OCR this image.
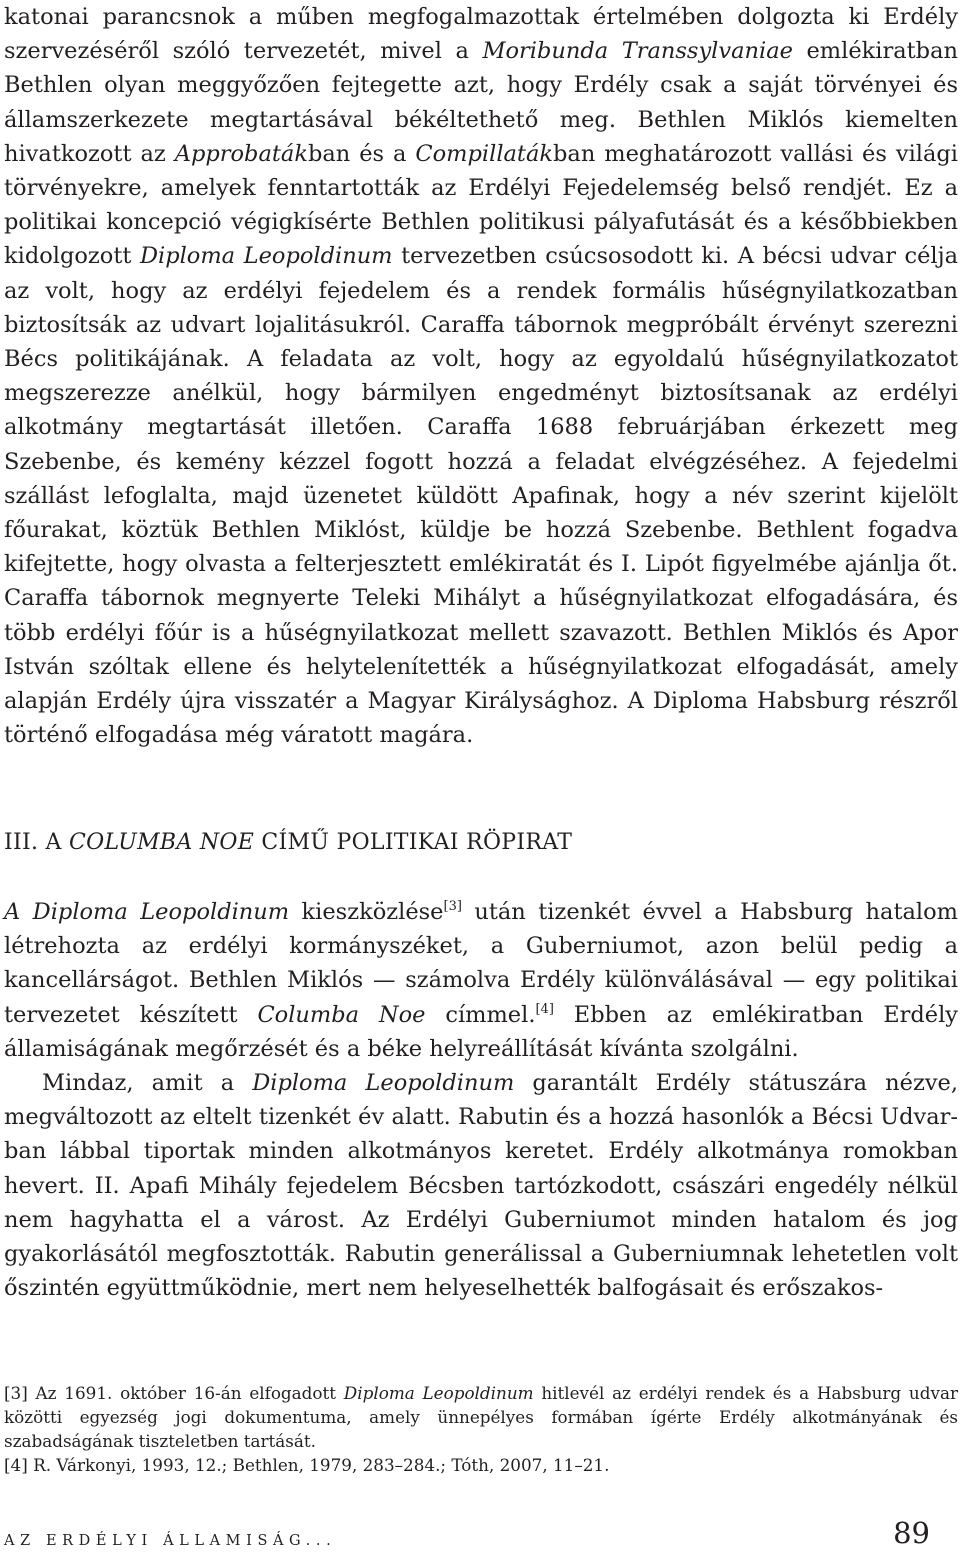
katonai parancsnok a műben megfogalmazottak értelmében dolgozta ki Erdély szervezéséről szóló tervezetét, mivel a Moribunda Transsylvaniae emlékiratban Bethlen olyan meggyőzően fejtegette azt, hogy Erdély csak a saját törvényei és államszerkezete megtartásával békéltethető meg. Bethlen Miklós kiemelten hivatkozott az Approbatákban és a Compillatákban meghatározott vallási és világi törvényekre, amelyek fenntartották az Erdélyi Fejedelemség belső rendjét. Ez a politikai koncepció végigkísérte Bethlen politikusi pályafutását és a későbbiekben kidolgozott Diploma Leopoldinum tervezetben csúcsosodott ki. A bécsi udvar célja az volt, hogy az erdélyi fejedelem és a rendek formális hűségnyilatkozatban biztosítsák az udvart lojalitásukról. Caraffa tábornok megpróbált érvényt szerezni Bécs politikájának. A feladata az volt, hogy az egyoldalú hűségnyilatkozatot megszerezze anélkül, hogy bármilyen engedményt biztosítsanak az erdélyi alkotmány megtartását illetően. Caraffa 1688 februárjában érkezett meg Szebenbe, és kemény kézzel fogott hozzá a feladat elvégzéséhez. A fejedelmi szállást lefoglalta, majd üzenetet küldött Apafinak, hogy a név szerint kijelölt főurakat, köztük Bethlen Miklóst, küldje be hozzá Szebenbe. Bethlent fogadva kifejtette, hogy olvasta a felterjesztett emlékiratát és I. Lipót figyelmébe ajánlja őt. Caraffa tábornok megnyerte Teleki Mihályt a hűségnyilatkozat elfogadására, és több erdélyi főúr is a hűségnyilatkozat mellett szavazott. Bethlen Miklós és Apor István szóltak ellene és helytelenítették a hűségnyilatkozat elfogadását, amely alapján Erdély újra visszatér a Magyar Királysághoz. A Diploma Habsburg részről történő elfogadása még váratott magára.

III. A COLUMBA NOE CÍMŰ POLITIKAI RÖPIRAT

A Diploma Leopoldinum kieszközlése[3] után tizenkét évvel a Habsburg hatalom létrehozta az erdélyi kormányszéket, a Guberniumot, azon belül pedig a kancellárságot. Bethlen Miklós — számolva Erdély különválásával — egy politikai tervezetet készített Columba Noe címmel.[4] Ebben az emlékiratban Erdély államiságának megőrzését és a béke helyreállítását kívánta szolgálni.

Mindaz, amit a Diploma Leopoldinum garantált Erdély státuszára nézve, megváltozott az eltelt tizenkét év alatt. Rabutin és a hozzá hasonlók a Bécsi Udvarban lábbal tiportak minden alkotmányos keretet. Erdély alkotmánya romokban hevert. II. Apafi Mihály fejedelem Bécsben tartózkodott, császári engedély nélkül nem hagyhatta el a várost. Az Erdélyi Guberniumot minden hatalom és jog gyakorlásától megfosztották. Rabutin generálissal a Guberniumnak lehetetlen volt őszintén együttműködnie, mert nem helyeselhették balfogásait és erőszakos-

[3] Az 1691. október 16-án elfogadott Diploma Leopoldinum hitlevél az erdélyi rendek és a Habsburg udvar közötti egyezség jogi dokumentuma, amely ünnepélyes formában ígérte Erdély alkotmányának és szabadságának tiszteletben tartását.

[4] R. Várkonyi, 1993, 12.; Bethlen, 1979, 283–284.; Tóth, 2007, 11–21.

AZ ERDÉLYI ÁLLAMISÁG...	89
